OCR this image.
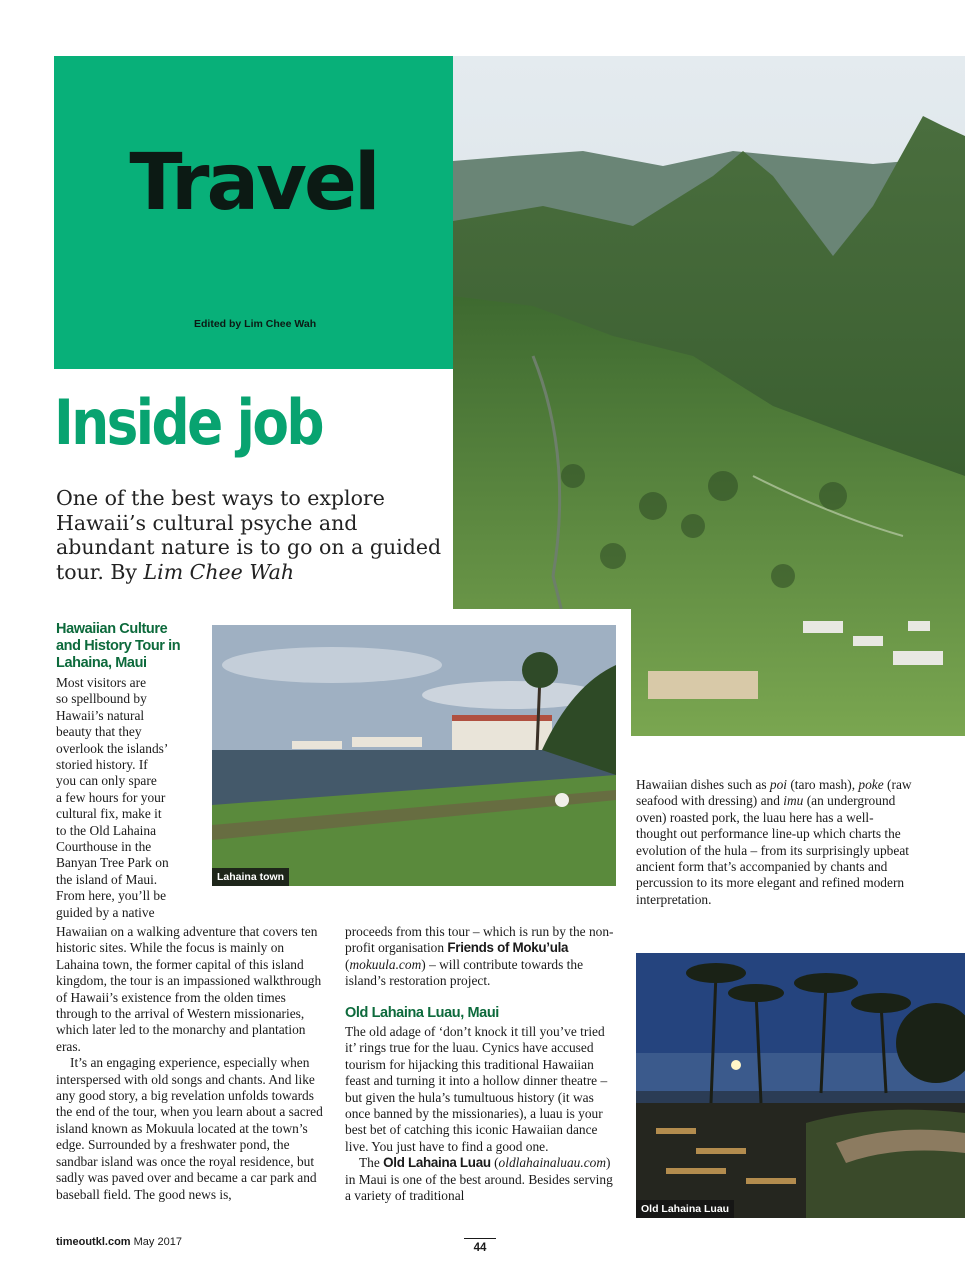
Travel
Edited by Lim Chee Wah
Inside job
One of the best ways to explore Hawaii’s cultural psyche and abundant nature is to go on a guided tour. By Lim Chee Wah
Hawaiian Culture
and History Tour in
Lahaina, Maui
Most visitors are
so spellbound by
Hawaii’s natural
beauty that they
overlook the islands’
storied history. If
you can only spare
a few hours for your
cultural fix, make it
to the Old Lahaina
Courthouse in the
Banyan Tree Park on
the island of Maui.
From here, you’ll be
guided by a native
Lahaina town
Hawaiian on a walking adventure that covers ten historic sites. While the focus is mainly on Lahaina town, the former capital of this island kingdom, the tour is an impassioned walkthrough of Hawaii’s existence from the olden times through to the arrival of Western missionaries, which later led to the monarchy and plantation eras.
It’s an engaging experience, especially when interspersed with old songs and chants. And like any good story, a big revelation unfolds towards the end of the tour, when you learn about a sacred island known as Mokuula located at the town’s edge. Surrounded by a freshwater pond, the sandbar island was once the royal residence, but sadly was paved over and became a car park and baseball field. The good news is,
proceeds from this tour – which is run by the non-profit organisation Friends of Moku’ula (mokuula.com) – will contribute towards the island’s restoration project.
Old Lahaina Luau, Maui
The old adage of ‘don’t knock it till you’ve tried it’ rings true for the luau. Cynics have accused tourism for hijacking this traditional Hawaiian feast and turning it into a hollow dinner theatre – but given the hula’s tumultuous history (it was once banned by the missionaries), a luau is your best bet of catching this iconic Hawaiian dance live. You just have to find a good one.
The Old Lahaina Luau (oldlahainaluau.com) in Maui is one of the best around. Besides serving a variety of traditional
Hawaiian dishes such as poi (taro mash), poke (raw seafood with dressing) and imu (an underground oven) roasted pork, the luau here has a well-thought out performance line-up which charts the evolution of the hula – from its surprisingly upbeat ancient form that’s accompanied by chants and percussion to its more elegant and refined modern interpretation.
Old Lahaina Luau
timeoutkl.com May 2017	44
